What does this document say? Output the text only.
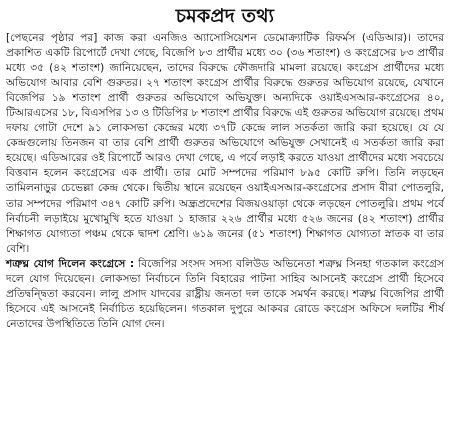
চমকপ্রদ তথ্য

[পেছনের পৃষ্ঠার পর] কাজ করা এনজিও অ্যাসোসিয়েশন ডেমোক্র্যাটিক রিফর্মস (এডিআর)। তাদের প্রকাশিত একটি রিপোর্টে দেখা গেছে, বিজেপি ৮৩ প্রার্থীর মধ্যে ৩০ (৩৬ শতাংশ) ও কংগ্রেসের ৮৩ প্রার্থীর মধ্যে ৩৫ (৪২ শতাংশ) জানিয়েছেন, তাদের বিরুদ্ধে ফৌজদারি মামলা রয়েছে। কংগ্রেস প্রার্থীদের মধ্যে অভিযোগ আবার বেশি গুরুতর। ২৭ শতাংশ কংগ্রেস প্রার্থীর বিরুদ্ধে গুরুতর অভিযোগ রয়েছে, যেখানে বিজেপির ১৯ শতাংশ প্রার্থী গুরুতর অভিযোগে অভিযুক্ত। অন্যদিকে ওয়াইএসআর-কংগ্রেসের ৪০, টিআরএসের ১৮, বিএসপির ১৩ ও টিডিপির ৮ শতাংশ প্রার্থীর বিরুদ্ধে এই গুরুতর অভিযোগ রয়েছে। প্রথম দফায় গোটা দেশে ৯১ লোকসভা কেন্দ্রের মধ্যে ৩৭টি কেন্দ্রে লাল সতর্কতা জারি করা হয়েছে। যে যে কেন্দ্রগুলোয় তিনজন বা তার বেশি প্রার্থী গুরুতর অভিযোগে অভিযুক্ত সেখানেই এ সতর্কতা জারি করা হয়েছে। এডিআরের ওই রিপোর্টে আরও দেখা গেছে, এ পর্বে লড়াই করতে যাওয়া প্রার্থীদের মধ্যে সবচেয়ে বিত্তবান হলেন কংগ্রেসের এক প্রার্থী। তার মোট সম্পদের পরিমাণ ৮৯৫ কোটি রুপি। তিনি লড়ছেন তামিলনাড়ুর চেভেল্লা কেন্দ্র থেকে। দ্বিতীয় স্থানে রয়েছেন ওয়াইএসআর-কংগ্রেসের প্রসাদ বীরা পোতলুরি, তার সম্পদের পরিমাণ ৩৪৭ কোটি রুপি। অন্ধ্রপ্রদেশের বিজয়ওয়াড়া থেকে লড়ছেন পোতলুরি। প্রথম পর্বে নির্বাচনী লড়াইয়ে মুখোমুখি হতে যাওয়া ১ হাজার ২২৬ প্রার্থীর মধ্যে ৫২৬ জনের (৪২ শতাংশ) প্রার্থীর শিক্ষাগত যোগ্যতা পঞ্চম থেকে দ্বাদশ শ্রেণি। ৬১৯ জনের (৫১ শতাংশ) শিক্ষাগত যোগ্যতা স্নাতক বা তার বেশি।

শত্রুঘ্ন যোগ দিলেন কংগ্রেসে : বিজেপির সংসদ সদস্য বলিউড অভিনেতা শত্রুঘ্ন সিনহা গতকাল কংগ্রেস দলে যোগ দিয়েছেন। লোকসভা নির্বাচনে তিনি বিহারের পাটনা সাহিব আসনেই কংগ্রেস প্রার্থী হিসেবে প্রতিদ্বন্দ্বিতা করবেন। লালু প্রসাদ যাদবের রাষ্ট্রীয় জনতা দল তাকে সমর্থন করছে। শত্রুঘ্ন বিজেপির প্রার্থী হিসেবে এই আসনেই নির্বাচিত হয়েছিলেন। গতকাল দুপুরে আকবর রোডে কংগ্রেস অফিসে দলটির শীর্ষ নেতাদের উপস্থিতিতে তিনি যোগ দেন।
